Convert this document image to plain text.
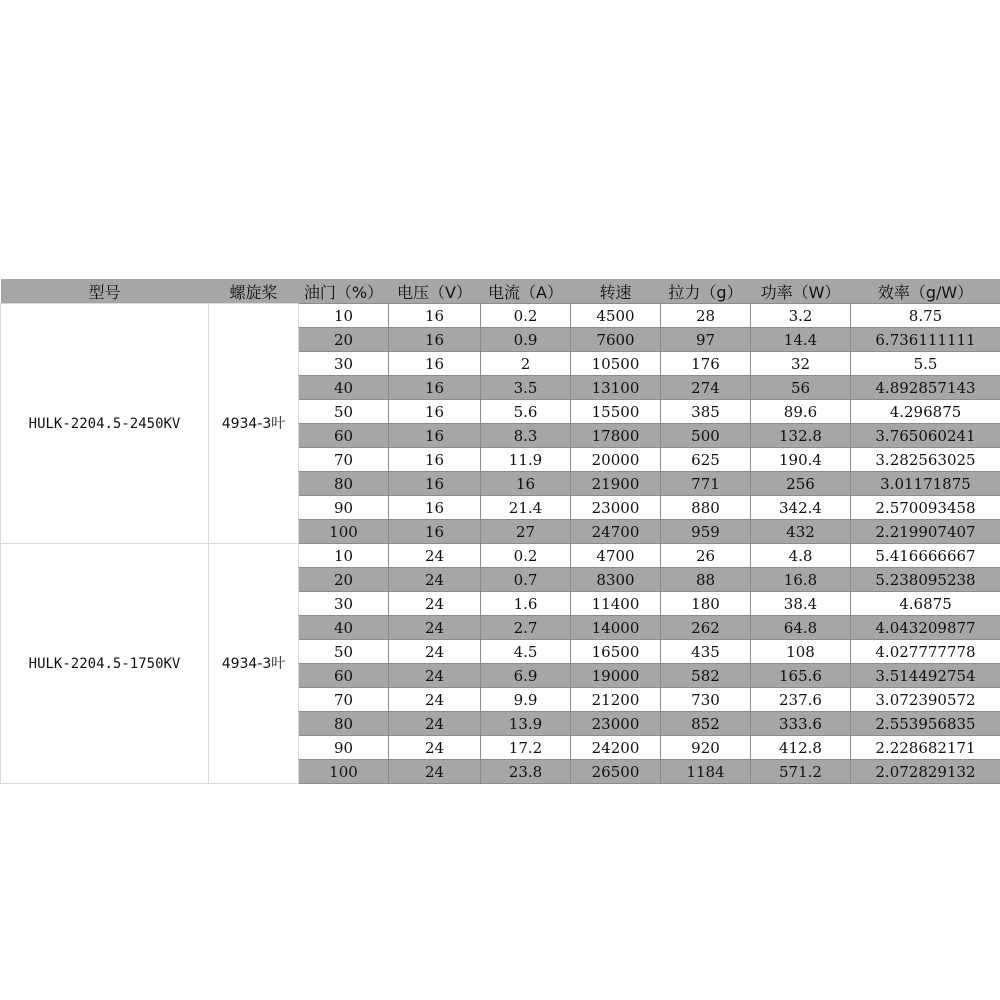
型号	螺旋桨	油门（%）	电压（V）	电流（A）	转速	拉力（g）	功率（W）	效率（g/W）
HULK-2204.5-2450KV	4934-3叶	10	16	0.2	4500	28	3.2	8.75
		20	16	0.9	7600	97	14.4	6.736111111
		30	16	2	10500	176	32	5.5
		40	16	3.5	13100	274	56	4.892857143
		50	16	5.6	15500	385	89.6	4.296875
		60	16	8.3	17800	500	132.8	3.765060241
		70	16	11.9	20000	625	190.4	3.282563025
		80	16	16	21900	771	256	3.01171875
		90	16	21.4	23000	880	342.4	2.570093458
		100	16	27	24700	959	432	2.219907407
HULK-2204.5-1750KV	4934-3叶	10	24	0.2	4700	26	4.8	5.416666667
		20	24	0.7	8300	88	16.8	5.238095238
		30	24	1.6	11400	180	38.4	4.6875
		40	24	2.7	14000	262	64.8	4.043209877
		50	24	4.5	16500	435	108	4.027777778
		60	24	6.9	19000	582	165.6	3.514492754
		70	24	9.9	21200	730	237.6	3.072390572
		80	24	13.9	23000	852	333.6	2.553956835
		90	24	17.2	24200	920	412.8	2.228682171
		100	24	23.8	26500	1184	571.2	2.072829132
